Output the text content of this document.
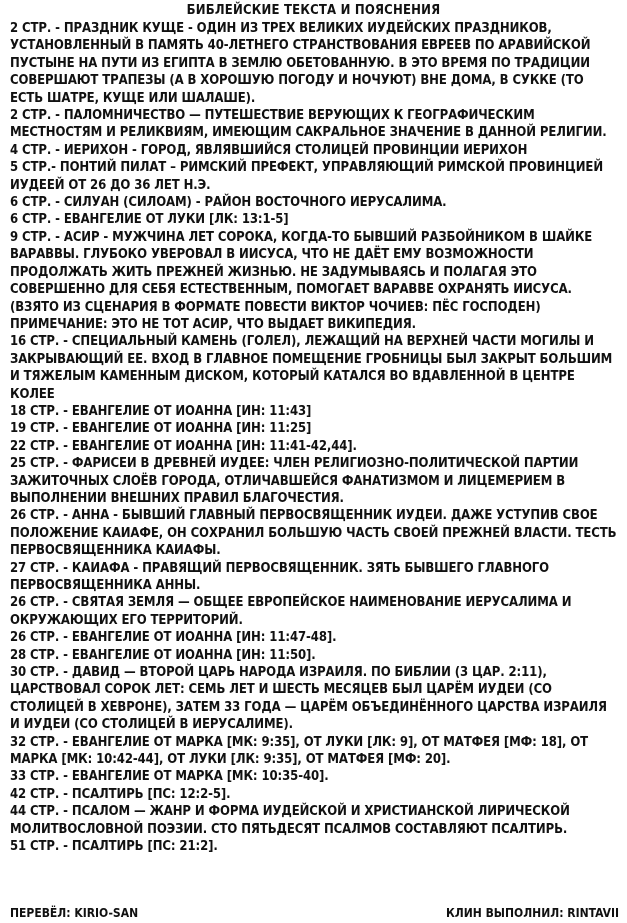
БИБЛЕЙСКИЕ ТЕКСТА И ПОЯСНЕНИЯ

2 СТР. - ПРАЗДНИК КУЩЕ - ОДИН ИЗ ТРЕХ ВЕЛИКИХ ИУДЕЙСКИХ ПРАЗДНИКОВ, УСТАНОВЛЕННЫЙ В ПАМЯТЬ 40-ЛЕТНЕГО СТРАНСТВОВАНИЯ ЕВРЕЕВ ПО АРАВИЙСКОЙ ПУСТЫНЕ НА ПУТИ ИЗ ЕГИПТА В ЗЕМЛЮ ОБЕТОВАННУЮ. В ЭТО ВРЕМЯ ПО ТРАДИЦИИ СОВЕРШАЮТ ТРАПЕЗЫ (А В ХОРОШУЮ ПОГОДУ И НОЧУЮТ) ВНЕ ДОМА, В СУККЕ (ТО ЕСТЬ ШАТРЕ, КУЩЕ ИЛИ ШАЛАШЕ).

2 СТР. - ПАЛОМНИЧЕСТВО — ПУТЕШЕСТВИЕ ВЕРУЮЩИХ К ГЕОГРАФИЧЕСКИМ МЕСТНОСТЯМ И РЕЛИКВИЯМ, ИМЕЮЩИМ САКРАЛЬНОЕ ЗНАЧЕНИЕ В ДАННОЙ РЕЛИГИИ.

4 СТР. - ИЕРИХОН - ГОРОД, ЯВЛЯВШИЙСЯ СТОЛИЦЕЙ ПРОВИНЦИИ ИЕРИХОН

5 СТР.- ПОНТИЙ ПИЛАТ – РИМСКИЙ ПРЕФЕКТ, УПРАВЛЯЮЩИЙ РИМСКОЙ ПРОВИНЦИЕЙ ИУДЕЕЙ ОТ 26 ДО 36 ЛЕТ Н.Э.

6 СТР. - СИЛУАН (СИЛОАМ) - РАЙОН ВОСТОЧНОГО ИЕРУСАЛИМА.

6 СТР. - ЕВАНГЕЛИЕ ОТ ЛУКИ [ЛК: 13:1-5]

9 СТР. - АСИР - МУЖЧИНА ЛЕТ СОРОКА, КОГДА-ТО БЫВШИЙ РАЗБОЙНИКОМ В ШАЙКЕ ВАРАВВЫ. ГЛУБОКО УВЕРОВАЛ В ИИСУСА, ЧТО НЕ ДАЁТ ЕМУ ВОЗМОЖНОСТИ ПРОДОЛЖАТЬ ЖИТЬ ПРЕЖНЕЙ ЖИЗНЬЮ. НЕ ЗАДУМЫВАЯСЬ И ПОЛАГАЯ ЭТО СОВЕРШЕННО ДЛЯ СЕБЯ ЕСТЕСТВЕННЫМ, ПОМОГАЕТ ВАРАВВЕ ОХРАНЯТЬ ИИСУСА. (ВЗЯТО ИЗ СЦЕНАРИЯ В ФОРМАТЕ ПОВЕСТИ ВИКТОР ЧОЧИЕВ: ПЁС ГОСПОДЕН) ПРИМЕЧАНИЕ: ЭТО НЕ ТОТ АСИР, ЧТО ВЫДАЕТ ВИКИПЕДИЯ.

16 СТР. - СПЕЦИАЛЬНЫЙ КАМЕНЬ (ГОЛЕЛ), ЛЕЖАЩИЙ НА ВЕРХНЕЙ ЧАСТИ МОГИЛЫ И ЗАКРЫВАЮЩИЙ ЕЕ. ВХОД В ГЛАВНОЕ ПОМЕЩЕНИЕ ГРОБНИЦЫ БЫЛ ЗАКРЫТ БОЛЬШИМ И ТЯЖЕЛЫМ КАМЕННЫМ ДИСКОМ, КОТОРЫЙ КАТАЛСЯ ВО ВДАВЛЕННОЙ В ЦЕНТРЕ КОЛЕЕ

18 СТР. - ЕВАНГЕЛИЕ ОТ ИОАННА [ИН: 11:43]

19 СТР. - ЕВАНГЕЛИЕ ОТ ИОАННА [ИН: 11:25]

22 СТР. - ЕВАНГЕЛИЕ ОТ ИОАННА [ИН: 11:41-42,44].

25 СТР. - ФАРИСЕИ В ДРЕВНЕЙ ИУДЕЕ: ЧЛЕН РЕЛИГИОЗНО-ПОЛИТИЧЕСКОЙ ПАРТИИ ЗАЖИТОЧНЫХ СЛОЁВ ГОРОДА, ОТЛИЧАВШЕЙСЯ ФАНАТИЗМОМ И ЛИЦЕМЕРИЕМ В ВЫПОЛНЕНИИ ВНЕШНИХ ПРАВИЛ БЛАГОЧЕСТИЯ.

26 СТР. - АННА - БЫВШИЙ ГЛАВНЫЙ ПЕРВОСВЯЩЕННИК ИУДЕИ. ДАЖЕ УСТУПИВ СВОЕ ПОЛОЖЕНИЕ КАИАФЕ, ОН СОХРАНИЛ БОЛЬШУЮ ЧАСТЬ СВОЕЙ ПРЕЖНЕЙ ВЛАСТИ. ТЕСТЬ ПЕРВОСВЯЩЕННИКА КАИАФЫ.

27 СТР. - КАИАФА - ПРАВЯЩИЙ ПЕРВОСВЯЩЕННИК. ЗЯТЬ БЫВШЕГО ГЛАВНОГО ПЕРВОСВЯЩЕННИКА АННЫ.

26 СТР. - СВЯТАЯ ЗЕМЛЯ — ОБЩЕЕ ЕВРОПЕЙСКОЕ НАИМЕНОВАНИЕ ИЕРУСАЛИМА И ОКРУЖАЮЩИХ ЕГО ТЕРРИТОРИЙ.

26 СТР. - ЕВАНГЕЛИЕ ОТ ИОАННА [ИН: 11:47-48].

28 СТР. - ЕВАНГЕЛИЕ ОТ ИОАННА [ИН: 11:50].

30 СТР. - ДАВИД — ВТОРОЙ ЦАРЬ НАРОДА ИЗРАИЛЯ. ПО БИБЛИИ (3 ЦАР. 2:11), ЦАРСТВОВАЛ СОРОК ЛЕТ: СЕМЬ ЛЕТ И ШЕСТЬ МЕСЯЦЕВ БЫЛ ЦАРЁМ ИУДЕИ (СО СТОЛИЦЕЙ В ХЕВРОНЕ), ЗАТЕМ 33 ГОДА — ЦАРЁМ ОБЪЕДИНЁННОГО ЦАРСТВА ИЗРАИЛЯ И ИУДЕИ (СО СТОЛИЦЕЙ В ИЕРУСАЛИМЕ).

32 СТР. - ЕВАНГЕЛИЕ ОТ МАРКА [МК: 9:35], ОТ ЛУКИ [ЛК: 9], ОТ МАТФЕЯ [МФ: 18], ОТ МАРКА [МК: 10:42-44], ОТ ЛУКИ [ЛК: 9:35], ОТ МАТФЕЯ [МФ: 20].

33 СТР. - ЕВАНГЕЛИЕ ОТ МАРКА [МК: 10:35-40].

42 СТР. - ПСАЛТИРЬ [ПС: 12:2-5].

44 СТР. - ПСАЛОМ — ЖАНР И ФОРМА ИУДЕЙСКОЙ И ХРИСТИАНСКОЙ ЛИРИЧЕСКОЙ МОЛИТВОСЛОВНОЙ ПОЭЗИИ. СТО ПЯТЬДЕСЯТ ПСАЛМОВ СОСТАВЛЯЮТ ПСАЛТИРЬ.

51 СТР. - ПСАЛТИРЬ [ПС: 21:2].

ПЕРЕВЁЛ: KIRIO-SAN	КЛИН ВЫПОЛНИЛ: RINTAVII
